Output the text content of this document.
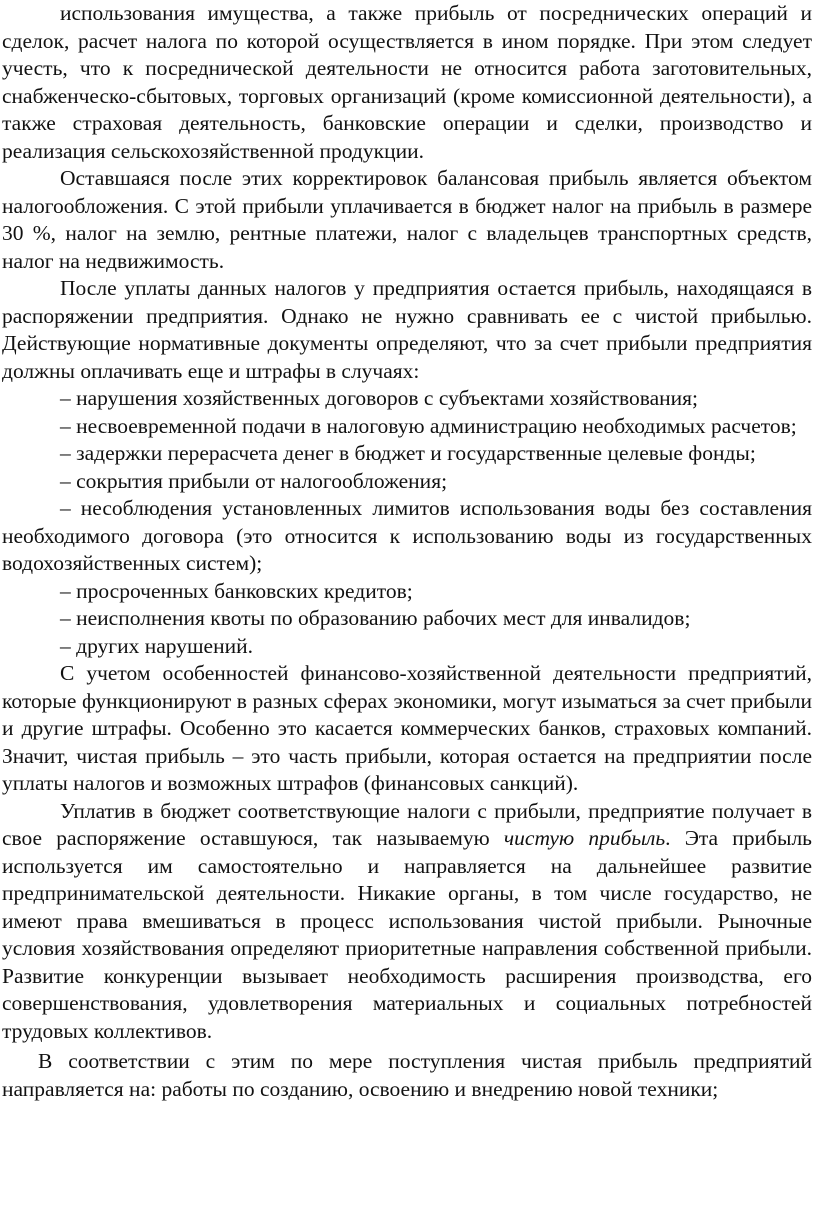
использования имущества, а также прибыль от посреднических операций и сделок, расчет налога по которой осуществляется в ином порядке. При этом следует учесть, что к посреднической деятельности не относится работа заготовительных, снабженческо-сбытовых, торговых организаций (кроме комиссионной деятельности), а также страховая деятельность, банковские операции и сделки, производство и реализация сельскохозяйственной продукции.

Оставшаяся после этих корректировок балансовая прибыль является объектом налогообложения. С этой прибыли уплачивается в бюджет налог на прибыль в размере 30 %, налог на землю, рентные платежи, налог с владельцев транспортных средств, налог на недвижимость.

После уплаты данных налогов у предприятия остается прибыль, находящаяся в распоряжении предприятия. Однако не нужно сравнивать ее с чистой прибылью. Действующие нормативные документы определяют, что за счет прибыли предприятия должны оплачивать еще и штрафы в случаях:

– нарушения хозяйственных договоров с субъектами хозяйствования;

– несвоевременной подачи в налоговую администрацию необходимых расчетов;

– задержки перерасчета денег в бюджет и государственные целевые фонды;

– сокрытия прибыли от налогообложения;

– несоблюдения установленных лимитов использования воды без составления необходимого договора (это относится к использованию воды из государственных водохозяйственных систем);

– просроченных банковских кредитов;

– неисполнения квоты по образованию рабочих мест для инвалидов;

– других нарушений.

С учетом особенностей финансово-хозяйственной деятельности предприятий, которые функционируют в разных сферах экономики, могут изыматься за счет прибыли и другие штрафы. Особенно это касается коммерческих банков, страховых компаний. Значит, чистая прибыль – это часть прибыли, которая остается на предприятии после уплаты налогов и возможных штрафов (финансовых санкций).

Уплатив в бюджет соответствующие налоги с прибыли, предприятие получает в свое распоряжение оставшуюся, так называемую чистую прибыль. Эта прибыль используется им самостоятельно и направляется на дальнейшее развитие предпринимательской деятельности. Никакие органы, в том числе государство, не имеют права вмешиваться в процесс использования чистой прибыли. Рыночные условия хозяйствования определяют приоритетные направления собственной прибыли. Развитие конкуренции вызывает необходимость расширения производства, его совершенствования, удовлетворения материальных и социальных потребностей трудовых коллективов.

В соответствии с этим по мере поступления чистая прибыль предприятий направляется на: работы по созданию, освоению и внедрению новой техники;
